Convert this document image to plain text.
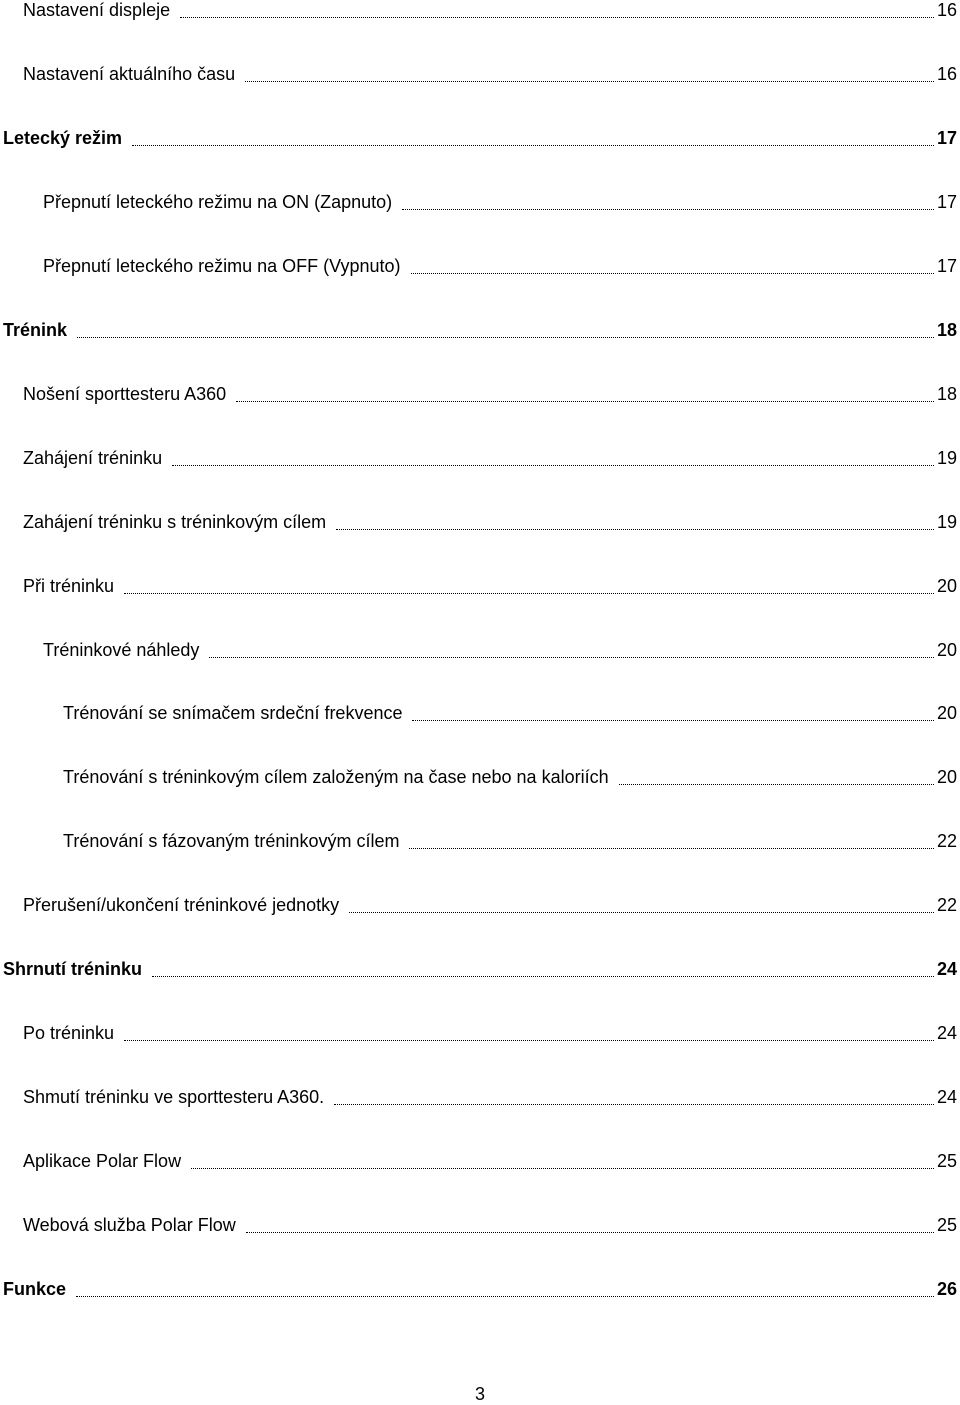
Nastavení displeje	16
Nastavení aktuálního času	16
Letecký režim	17
Přepnutí leteckého režimu na ON (Zapnuto)	17
Přepnutí leteckého režimu na OFF (Vypnuto)	17
Trénink	18
Nošení sporttesteru A360	18
Zahájení tréninku	19
Zahájení tréninku s tréninkovým cílem	19
Při tréninku	20
Tréninkové náhledy	20
Trénování se snímačem srdeční frekvence	20
Trénování s tréninkovým cílem založeným na čase nebo na kaloriích	20
Trénování s fázovaným tréninkovým cílem	22
Přerušení/ukončení tréninkové jednotky	22
Shrnutí tréninku	24
Po tréninku	24
Shmutí tréninku ve sporttesteru A360.	24
Aplikace Polar Flow	25
Webová služba Polar Flow	25
Funkce	26
3
